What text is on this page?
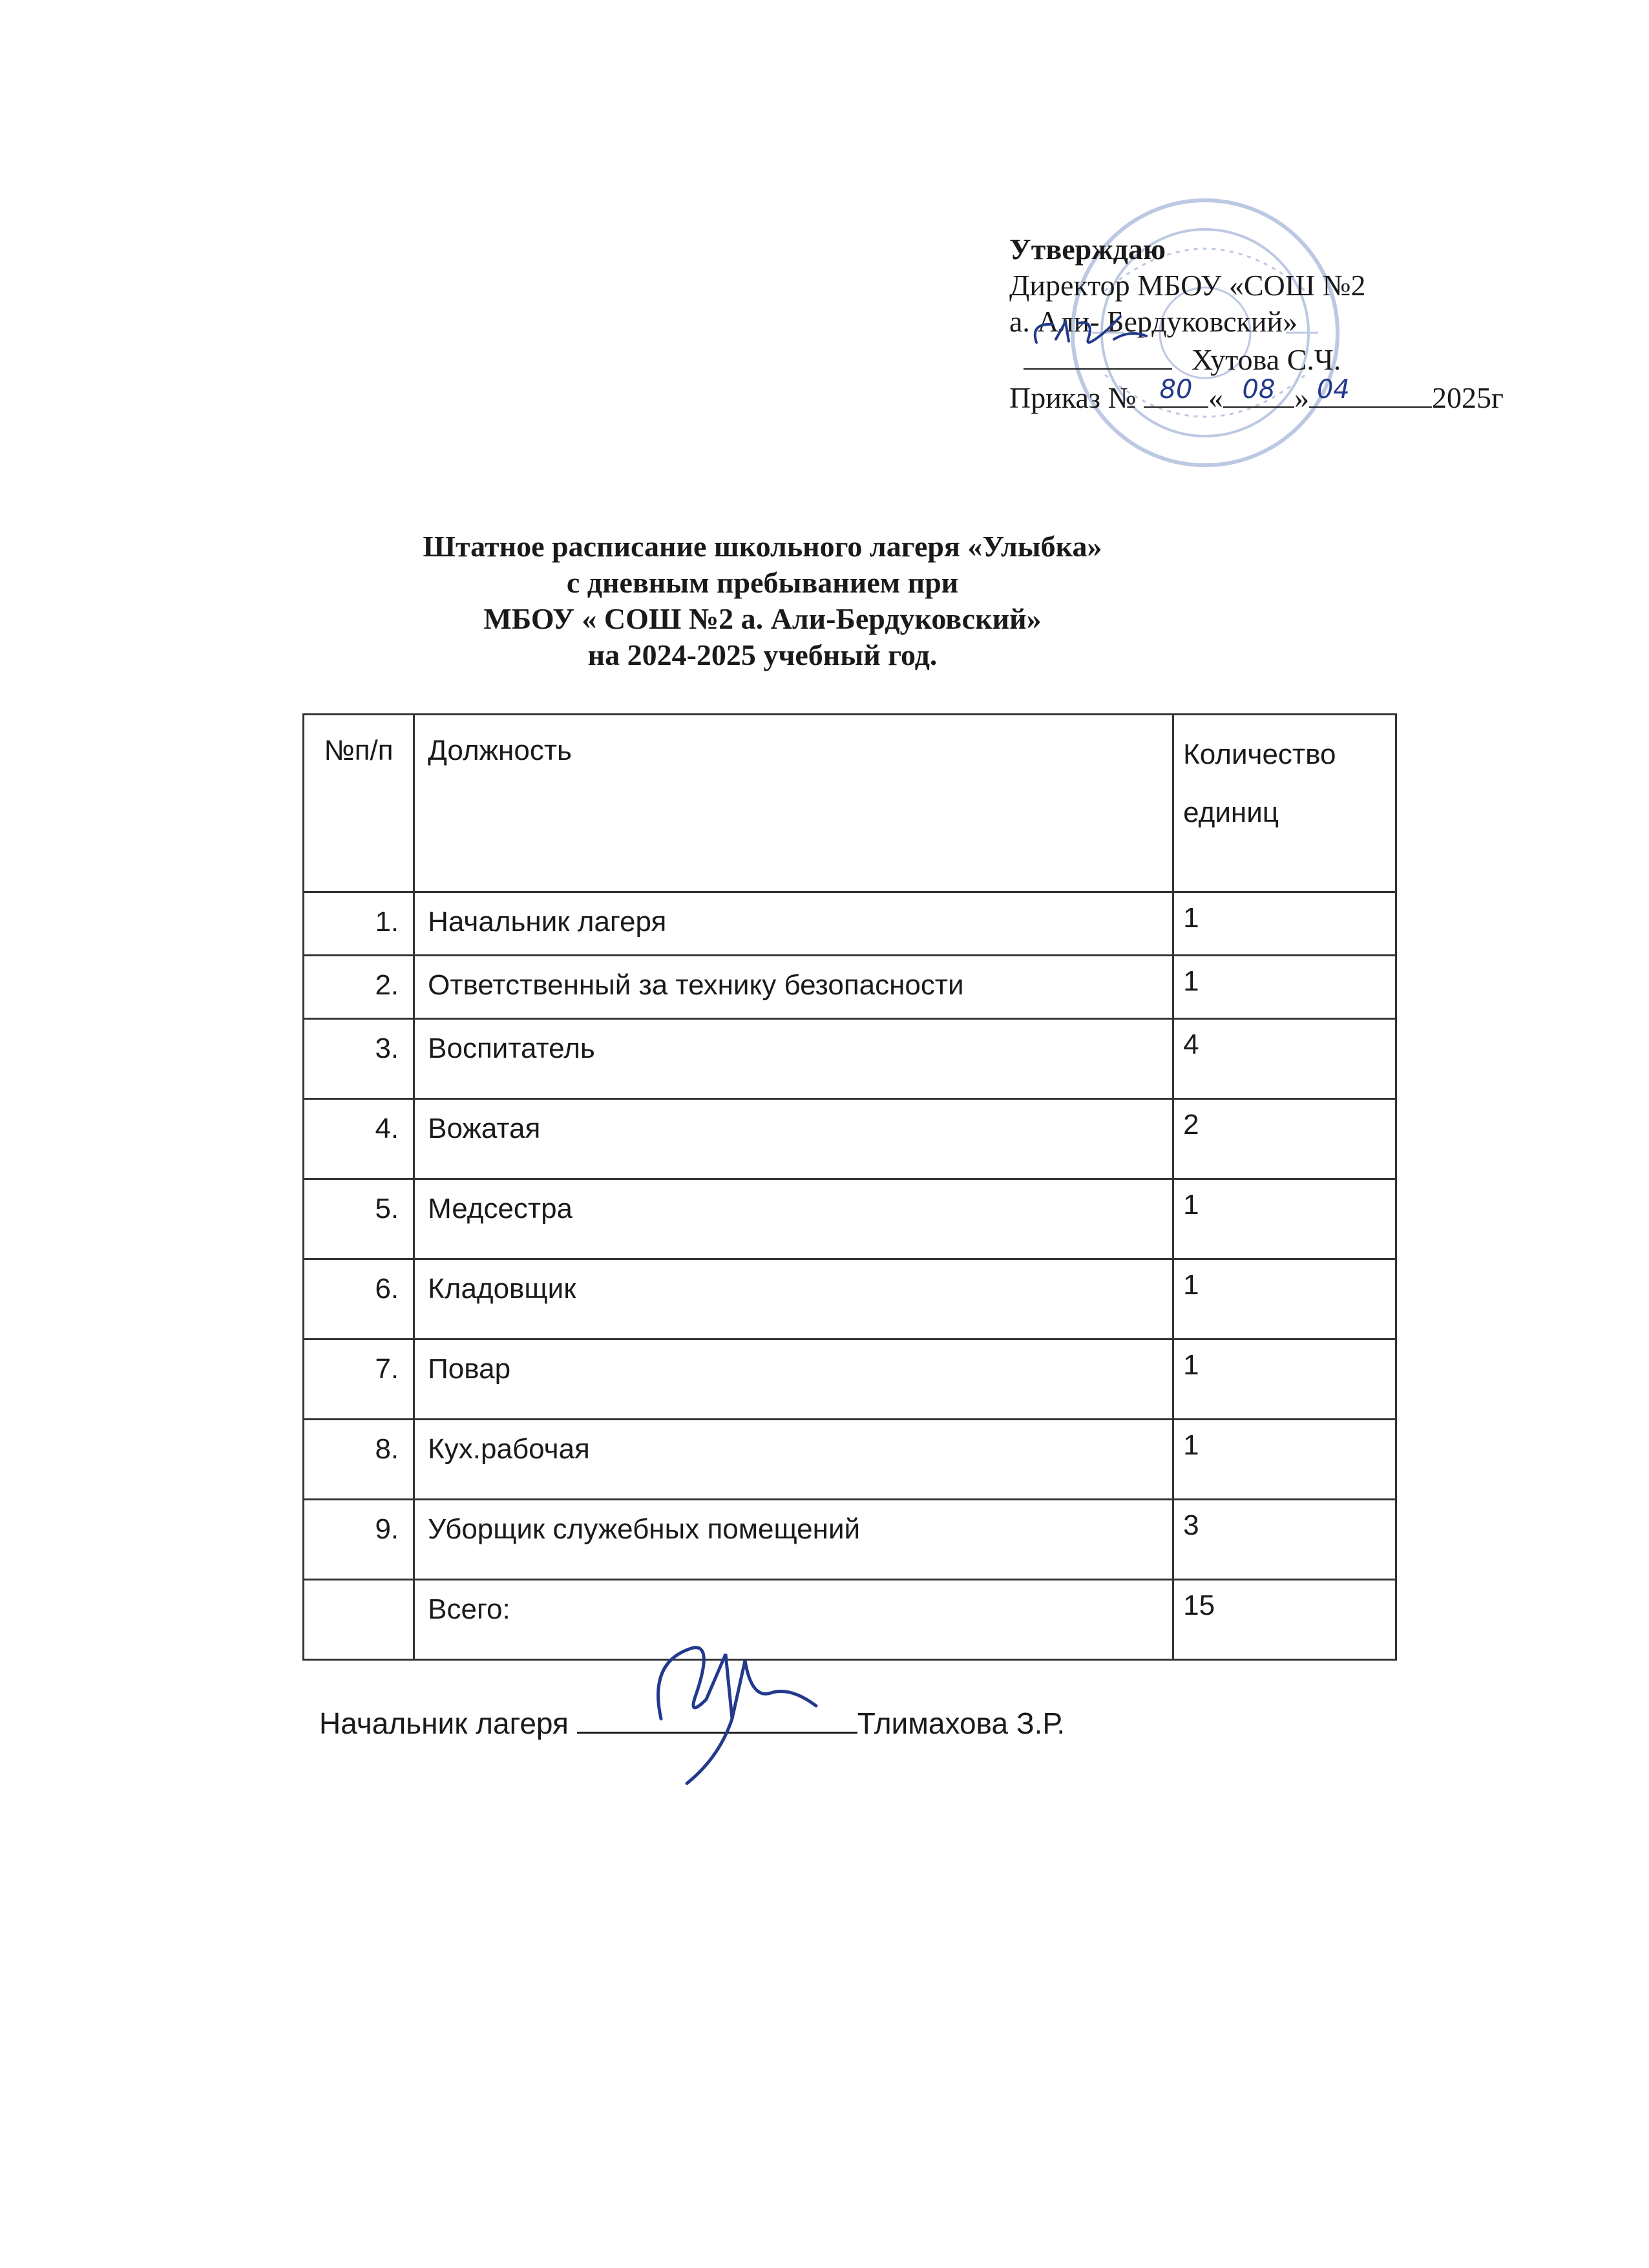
Утверждаю
Директор МБОУ «СОШ №2
а. Али- Бердуковский»
Хутова С.Ч.
Приказ № 80 « 08 » 04	2025г
Штатное расписание школьного лагеря «Улыбка»
с дневным пребыванием при
МБОУ « СОШ №2 а. Али-Бердуковский»
на 2024-2025 учебный год.
№п/п	Должность	Количество
единиц

1.	Начальник лагеря	1
2.	Ответственный за технику безопасности	1
3.	Воспитатель	4
4.	Вожатая	2
5.	Медсестра	1
6.	Кладовщик	1
7.	Повар	1
8.	Кух.рабочая	1
9.	Уборщик служебных помещений	3
	Всего:	15
Начальник лагеря	Тлимахова З.Р.
